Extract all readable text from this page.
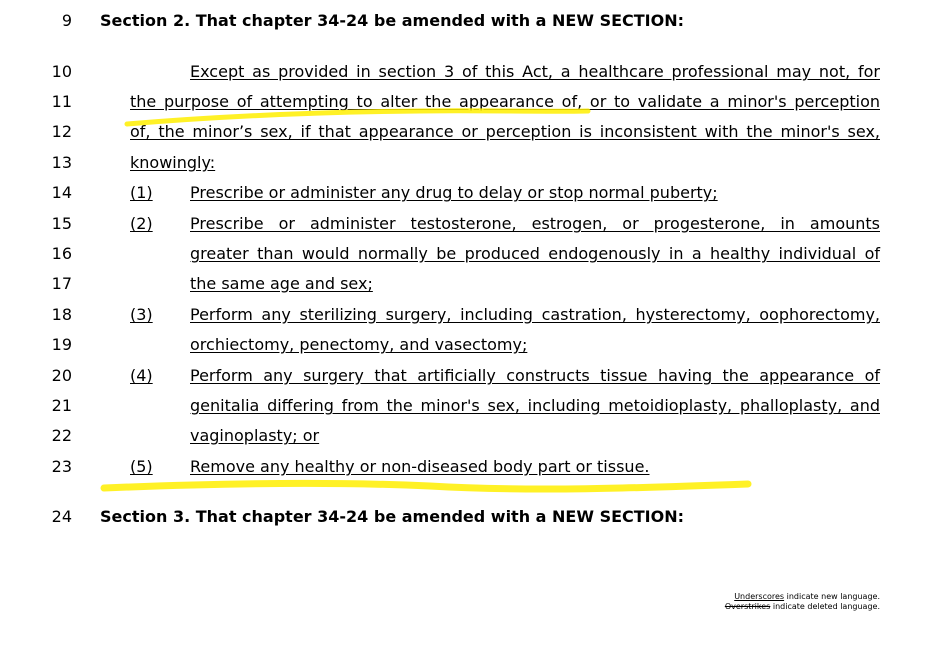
9
10
11
12
13
14
15
16
17
18
19
20
21
22
23
24
Section 2. That chapter 34-24 be amended with a NEW SECTION:
Except as provided in section 3 of this Act, a healthcare professional may not, for
the purpose of attempting to alter the appearance of, or to validate a minor's perception
of, the minor’s sex, if that appearance or perception is inconsistent with the minor's sex,
knowingly:
(1) Prescribe or administer any drug to delay or stop normal puberty;
(2) Prescribe or administer testosterone, estrogen, or progesterone, in amounts
greater than would normally be produced endogenously in a healthy individual of
the same age and sex;
(3) Perform any sterilizing surgery, including castration, hysterectomy, oophorectomy,
orchiectomy, penectomy, and vasectomy;
(4) Perform any surgery that artificially constructs tissue having the appearance of
genitalia differing from the minor's sex, including metoidioplasty, phalloplasty, and
vaginoplasty; or
(5) Remove any healthy or non-diseased body part or tissue.
Section 3. That chapter 34-24 be amended with a NEW SECTION:
Underscores indicate new language.
Overstrikes indicate deleted language.
